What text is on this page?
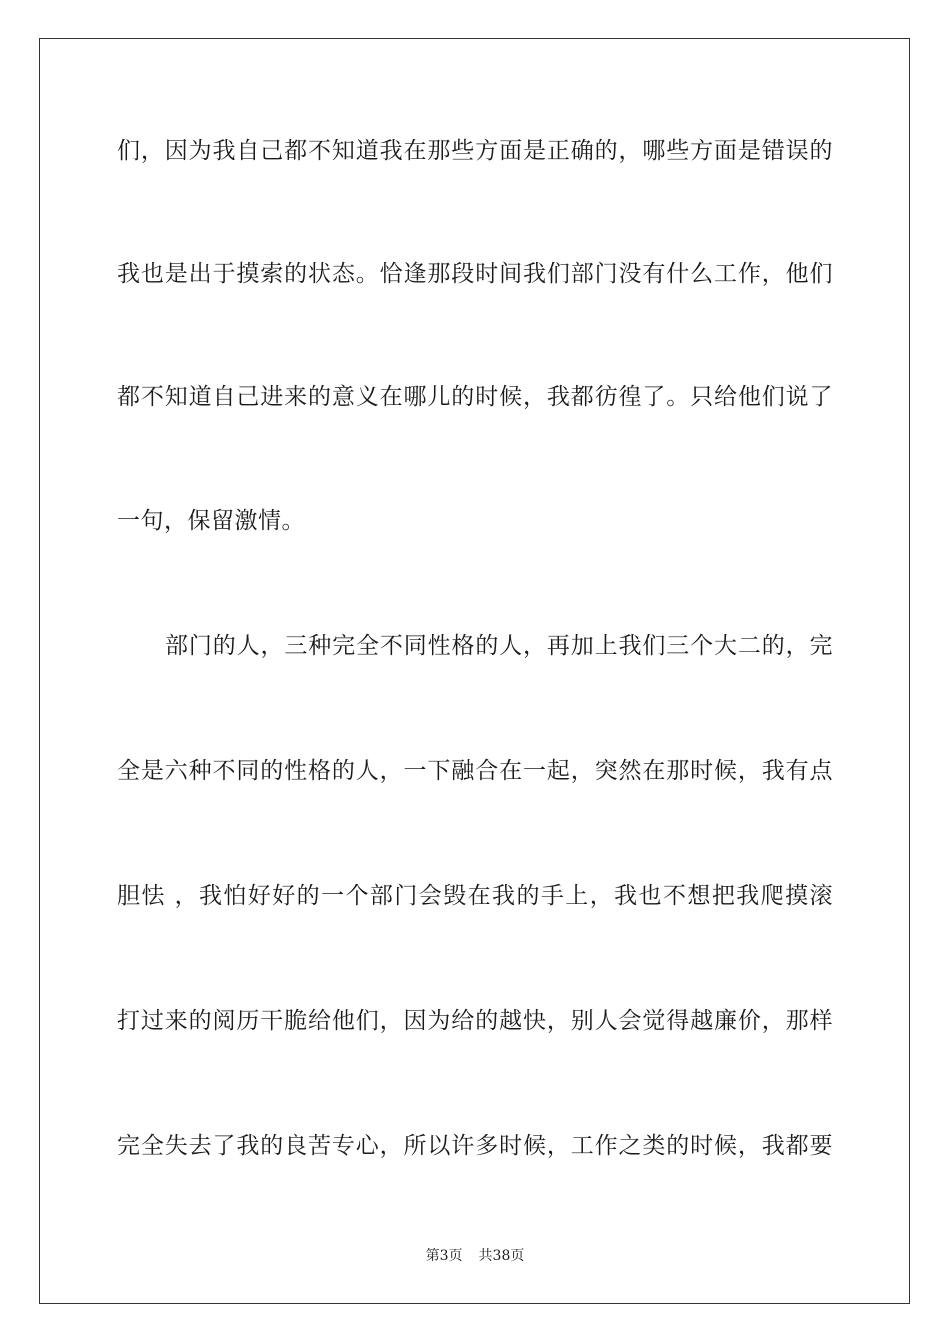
们，因为我自己都不知道我在那些方面是正确的，哪些方面是错误的
我也是出于摸索的状态。恰逢那段时间我们部门没有什么工作，他们
都不知道自己进来的意义在哪儿的时候，我都彷徨了。只给他们说了
一句，保留激情。
部门的人，三种完全不同性格的人，再加上我们三个大二的，完
全是六种不同的性格的人，一下融合在一起，突然在那时候，我有点
胆怯 ，我怕好好的一个部门会毁在我的手上，我也不想把我爬摸滚
打过来的阅历干脆给他们，因为给的越快，别人会觉得越廉价，那样
完全失去了我的良苦专心，所以许多时候，工作之类的时候，我都要
第3页 共38页
